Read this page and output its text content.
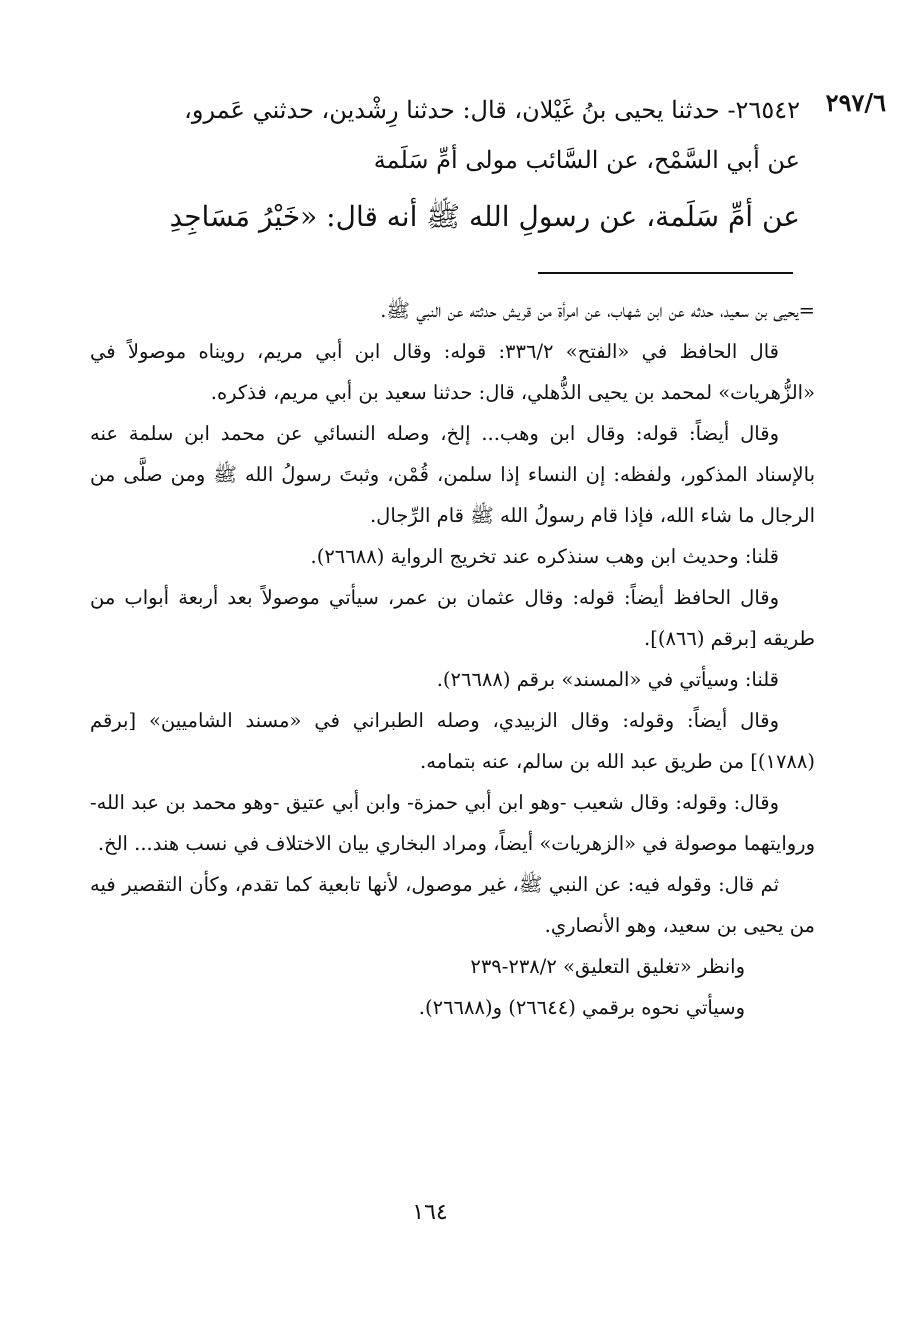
٢٩٧/٦

٢٦٥٤٢- حدثنا يحيى بنُ غَيْلان، قال: حدثنا رِشْدين، حدثني عَمرو،

عن أبي السَّمْح، عن السَّائب مولى أمِّ سَلَمة

عن أمِّ سَلَمة، عن رسولِ الله ﷺ أنه قال: «خَيْرُ مَسَاجِدِ

=يحيى بن سعيد، حدثه عن ابن شهاب، عن امرأة من قريش حدثته عن النبي ﷺ.

قال الحافظ في «الفتح» ٣٣٦/٢: قوله: وقال ابن أبي مريم، رويناه موصولاً في «الزُّهريات» لمحمد بن يحيى الذُّهلي، قال: حدثنا سعيد بن أبي مريم، فذكره.

وقال أيضاً: قوله: وقال ابن وهب... إلخ، وصله النسائي عن محمد ابن سلمة عنه بالإسناد المذكور، ولفظه: إن النساء إذا سلمن، قُمْن، وثبتَ رسولُ الله ﷺ ومن صلَّى من الرجال ما شاء الله، فإذا قام رسولُ الله ﷺ قام الرِّجال.

قلنا: وحديث ابن وهب سنذكره عند تخريج الرواية (٢٦٦٨٨).

وقال الحافظ أيضاً: قوله: وقال عثمان بن عمر، سيأتي موصولاً بعد أربعة أبواب من طريقه [برقم (٨٦٦)].

قلنا: وسيأتي في «المسند» برقم (٢٦٦٨٨).

وقال أيضاً: وقوله: وقال الزبيدي، وصله الطبراني في «مسند الشاميين» [برقم (١٧٨٨)] من طريق عبد الله بن سالم، عنه بتمامه.

وقال: وقوله: وقال شعيب -وهو ابن أبي حمزة- وابن أبي عتيق -وهو محمد بن عبد الله- وروايتهما موصولة في «الزهريات» أيضاً، ومراد البخاري بيان الاختلاف في نسب هند... الخ.

ثم قال: وقوله فيه: عن النبي ﷺ، غير موصول، لأنها تابعية كما تقدم، وكأن التقصير فيه من يحيى بن سعيد، وهو الأنصاري.

وانظر «تغليق التعليق» ٢٣٨/٢-٢٣٩

وسيأتي نحوه برقمي (٢٦٦٤٤) و(٢٦٦٨٨).

١٦٤
